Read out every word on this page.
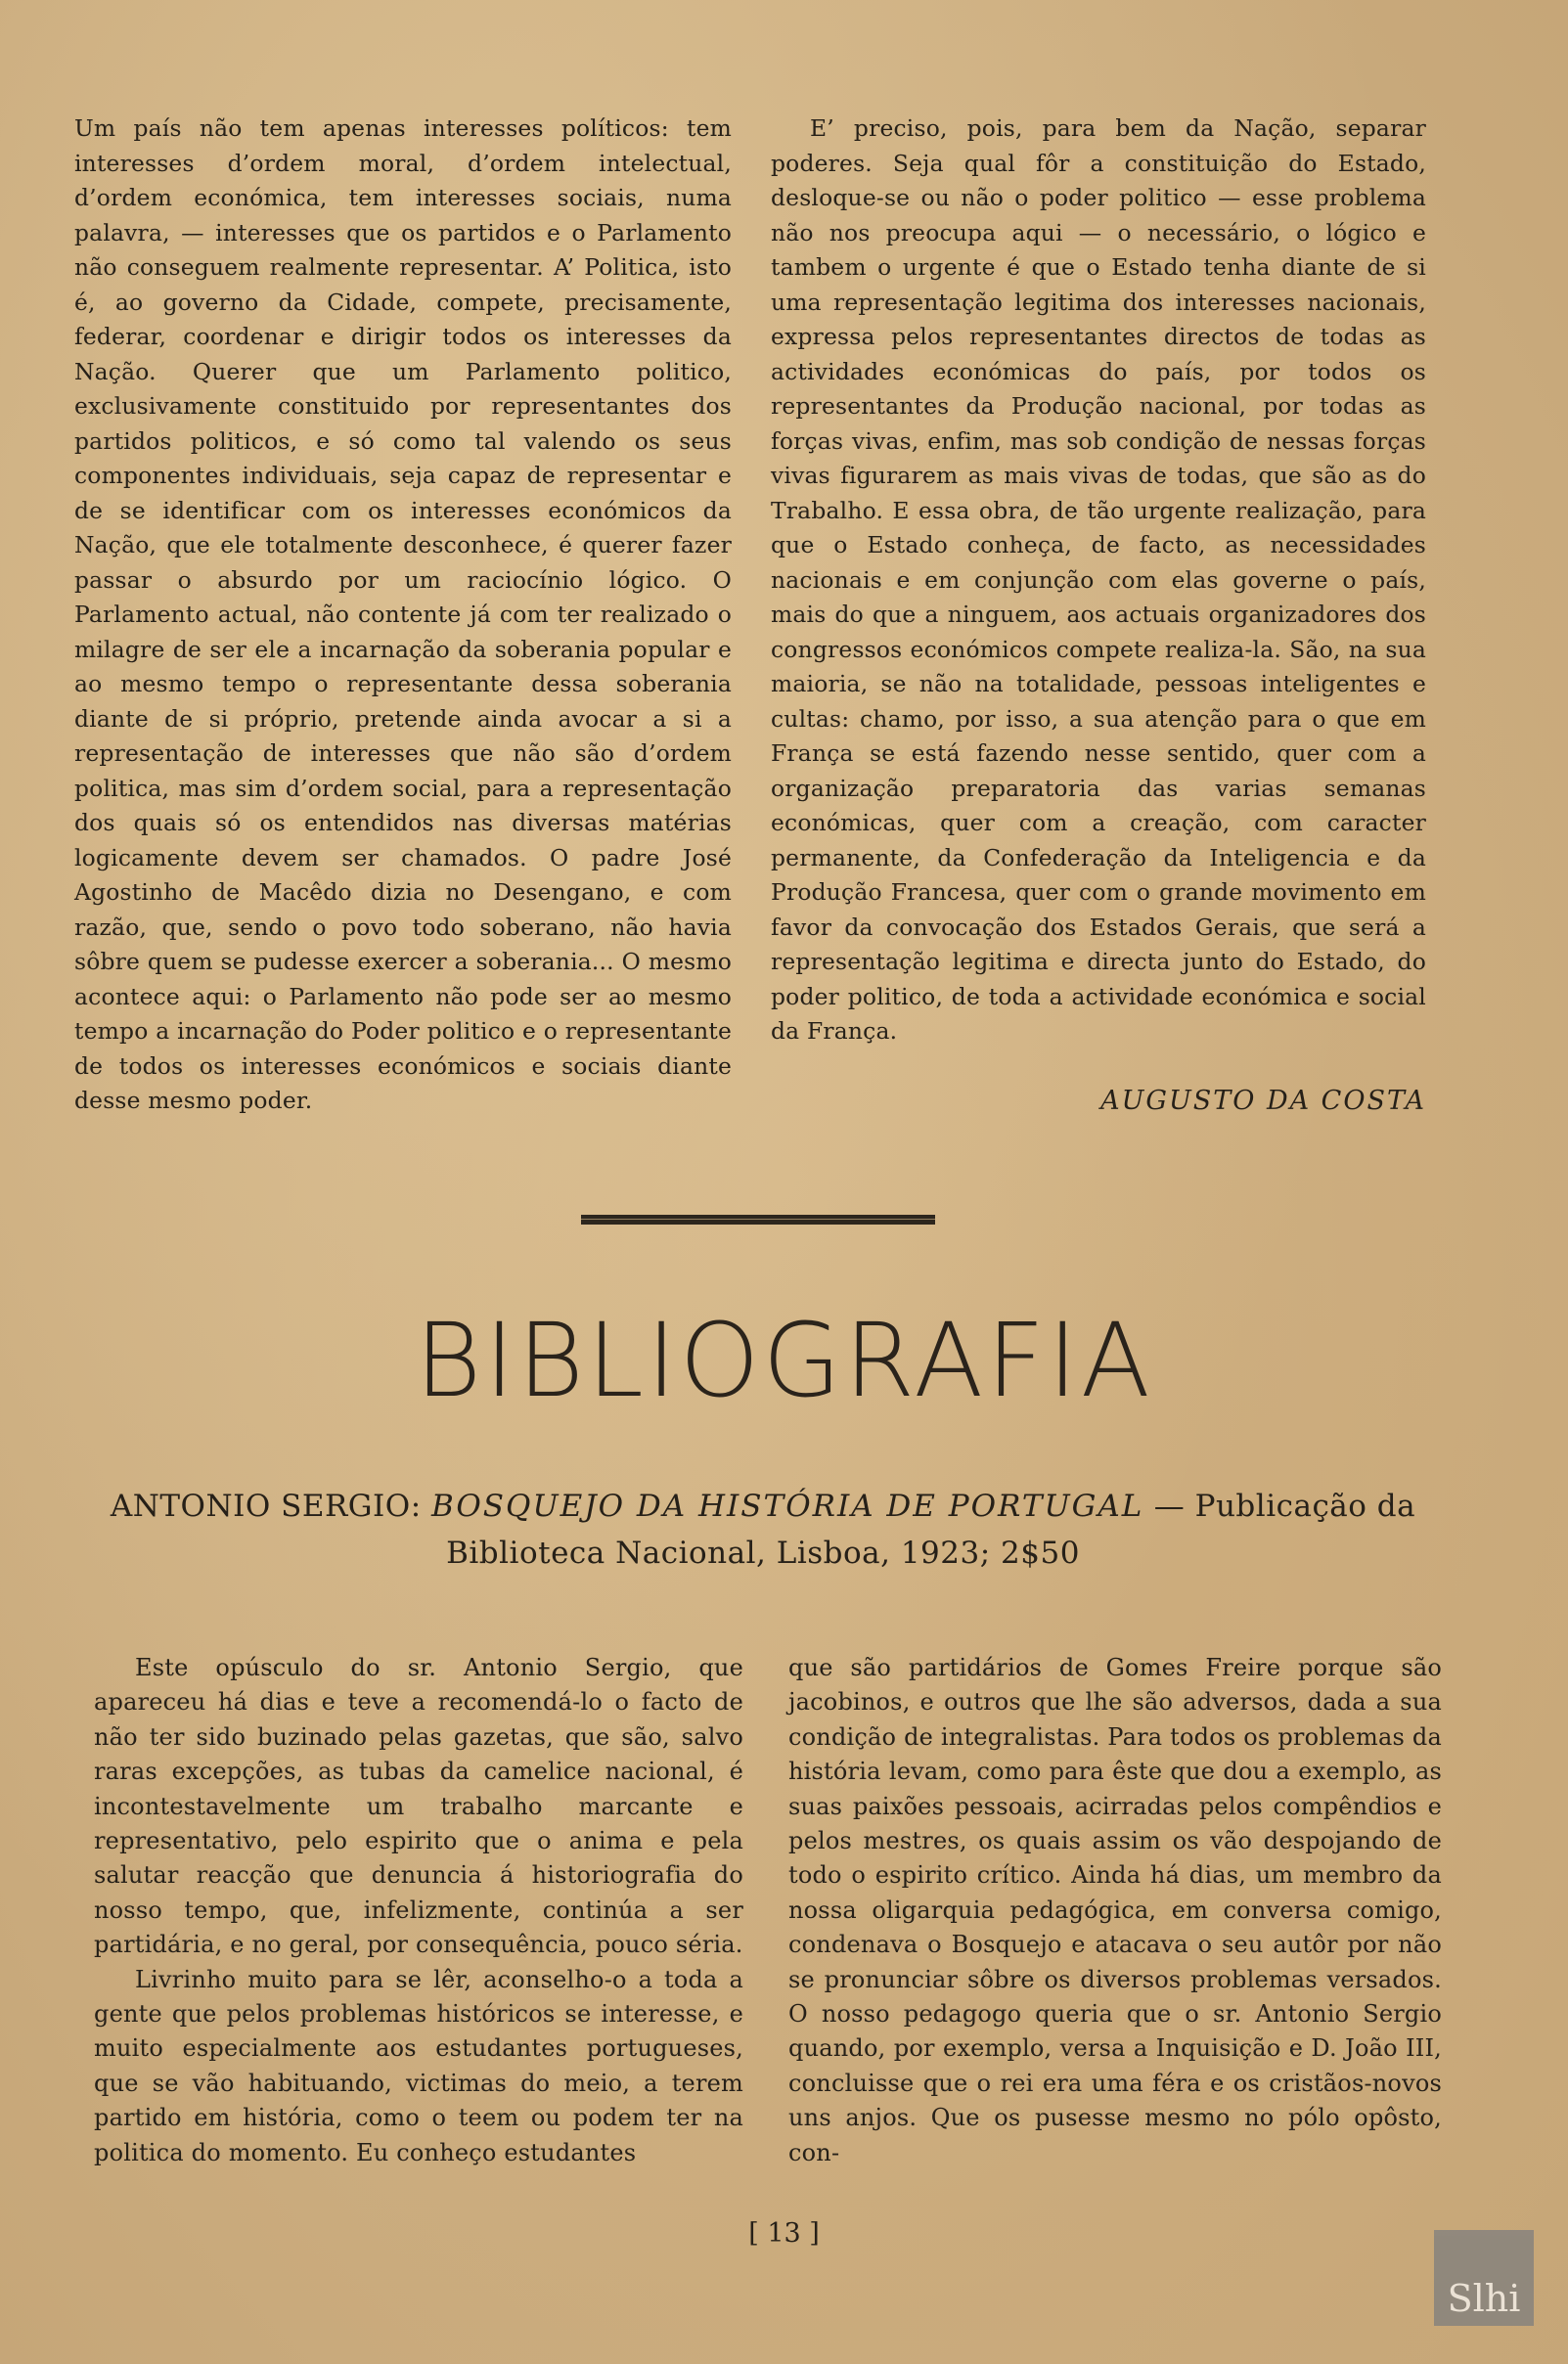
Um país não tem apenas interesses políticos: tem interesses d’ordem moral, d’ordem intelectual, d’ordem económica, tem interesses sociais, numa palavra, — interesses que os partidos e o Parlamento não conseguem realmente representar. A’ Politica, isto é, ao governo da Cidade, compete, precisamente, federar, coordenar e dirigir todos os interesses da Nação. Querer que um Parlamento politico, exclusivamente constituido por representantes dos partidos politicos, e só como tal valendo os seus componentes individuais, seja capaz de representar e de se identificar com os interesses económicos da Nação, que ele totalmente desconhece, é querer fazer passar o absurdo por um raciocínio lógico. O Parlamento actual, não contente já com ter realizado o milagre de ser ele a incarnação da soberania popular e ao mesmo tempo o representante dessa soberania diante de si próprio, pretende ainda avocar a si a representação de interesses que não são d’ordem politica, mas sim d’ordem social, para a representação dos quais só os entendidos nas diversas matérias logicamente devem ser chamados. O padre José Agostinho de Macêdo dizia no Desengano, e com razão, que, sendo o povo todo soberano, não havia sôbre quem se pudesse exercer a soberania... O mesmo acontece aqui: o Parlamento não pode ser ao mesmo tempo a incarnação do Poder politico e o representante de todos os interesses económicos e sociais diante desse mesmo poder.

E’ preciso, pois, para bem da Nação, separar poderes. Seja qual fôr a constituição do Estado, desloque-se ou não o poder politico — esse problema não nos preocupa aqui — o necessário, o lógico e tambem o urgente é que o Estado tenha diante de si uma representação legitima dos interesses nacionais, expressa pelos representantes directos de todas as actividades económicas do país, por todos os representantes da Produção nacional, por todas as forças vivas, enfim, mas sob condição de nessas forças vivas figurarem as mais vivas de todas, que são as do Trabalho. E essa obra, de tão urgente realização, para que o Estado conheça, de facto, as necessidades nacionais e em conjunção com elas governe o país, mais do que a ninguem, aos actuais organizadores dos congressos económicos compete realiza-la. São, na sua maioria, se não na totalidade, pessoas inteligentes e cultas: chamo, por isso, a sua atenção para o que em França se está fazendo nesse sentido, quer com a organização preparatoria das varias semanas económicas, quer com a creação, com caracter permanente, da Confederação da Inteligencia e da Produção Francesa, quer com o grande movimento em favor da convocação dos Estados Gerais, que será a representação legitima e directa junto do Estado, do poder politico, de toda a actividade económica e social da França.

AUGUSTO DA COSTA
BIBLIOGRAFIA
ANTONIO SERGIO: BOSQUEJO DA HISTÓRIA DE PORTUGAL — Publicação da Biblioteca Nacional, Lisboa, 1923; 2$50

Este opúsculo do sr. Antonio Sergio, que apareceu há dias e teve a recomendá-lo o facto de não ter sido buzinado pelas gazetas, que são, salvo raras excepções, as tubas da camelice nacional, é incontestavelmente um trabalho marcante e representativo, pelo espirito que o anima e pela salutar reacção que denuncia á historiografia do nosso tempo, que, infelizmente, continúa a ser partidária, e no geral, por consequência, pouco séria.

Livrinho muito para se lêr, aconselho-o a toda a gente que pelos problemas históricos se interesse, e muito especialmente aos estudantes portugueses, que se vão habituando, victimas do meio, a terem partido em história, como o teem ou podem ter na politica do momento. Eu conheço estudantes

que são partidários de Gomes Freire porque são jacobinos, e outros que lhe são adversos, dada a sua condição de integralistas. Para todos os problemas da história levam, como para êste que dou a exemplo, as suas paixões pessoais, acirradas pelos compêndios e pelos mestres, os quais assim os vão despojando de todo o espirito crítico. Ainda há dias, um membro da nossa oligarquia pedagógica, em conversa comigo, condenava o Bosquejo e atacava o seu autôr por não se pronunciar sôbre os diversos problemas versados. O nosso pedagogo queria que o sr. Antonio Sergio quando, por exemplo, versa a Inquisição e D. João III, concluisse que o rei era uma féra e os cristãos-novos uns anjos. Que os pusesse mesmo no pólo opôsto, con-

[ 13 ]
Slhi
